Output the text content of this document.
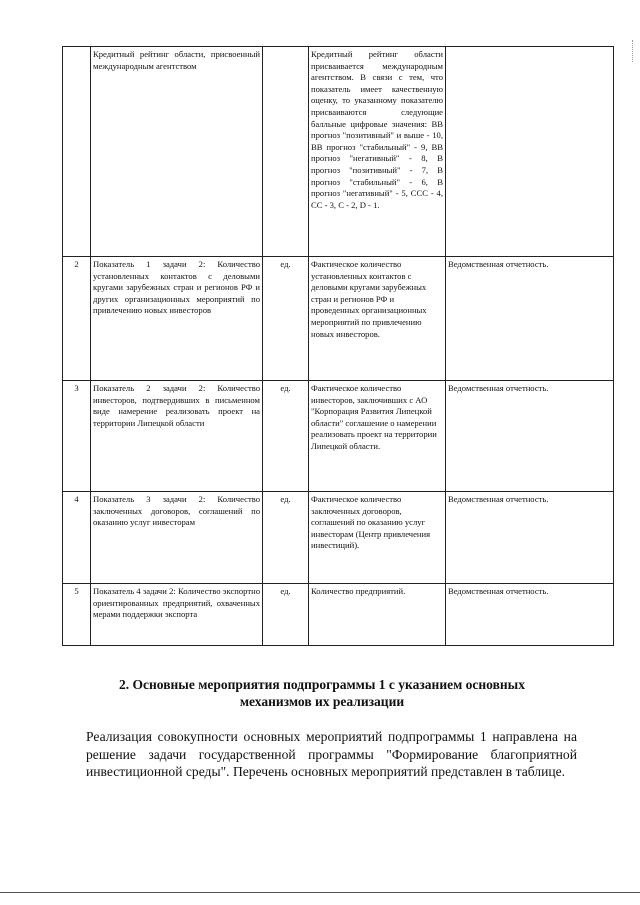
	Кредитный рейтинг области, присвоенный международным агентством		Кредитный рейтинг области присваивается международным агентством. В связи с тем, что показатель имеет качественную оценку, то указанному показателю присваиваются следующие балльные цифровые значения: ВВ прогноз "позитивный" и выше - 10, ВВ прогноз "стабильный" - 9, ВВ прогноз "негативный" - 8, В прогноз "позитивный" - 7, В прогноз "стабильный" - 6, В прогноз "негативный" - 5, ССС - 4, СС - 3, С - 2, D - 1.	
2	Показатель 1 задачи 2: Количество установленных контактов с деловыми кругами зарубежных стран и регионов РФ и других организационных мероприятий по привлечению новых инвесторов	ед.	Фактическое количество установленных контактов с деловыми кругами зарубежных стран и регионов РФ и проведенных организационных мероприятий по привлечению новых инвесторов.	Ведомственная отчетность.
3	Показатель 2 задачи 2: Количество инвесторов, подтвердивших в письменном виде намерение реализовать проект на территории Липецкой области	ед.	Фактическое количество инвесторов, заключивших с АО "Корпорация Развития Липецкой области" соглашение о намерении реализовать проект на территории Липецкой области.	Ведомственная отчетность.
4	Показатель 3 задачи 2: Количество заключенных договоров, соглашений по оказанию услуг инвесторам	ед.	Фактическое количество заключенных договоров, соглашений по оказанию услуг инвесторам (Центр привлечения инвестиций).	Ведомственная отчетность.
5	Показатель 4 задачи 2: Количество экспортно ориентированных предприятий, охваченных мерами поддержки экспорта	ед.	Количество предприятий.	Ведомственная отчетность.
2. Основные мероприятия подпрограммы 1 с указанием основных механизмов их реализации
Реализация совокупности основных мероприятий подпрограммы 1 направлена на решение задачи государственной программы "Формирование благоприятной инвестиционной среды". Перечень основных мероприятий представлен в таблице.
